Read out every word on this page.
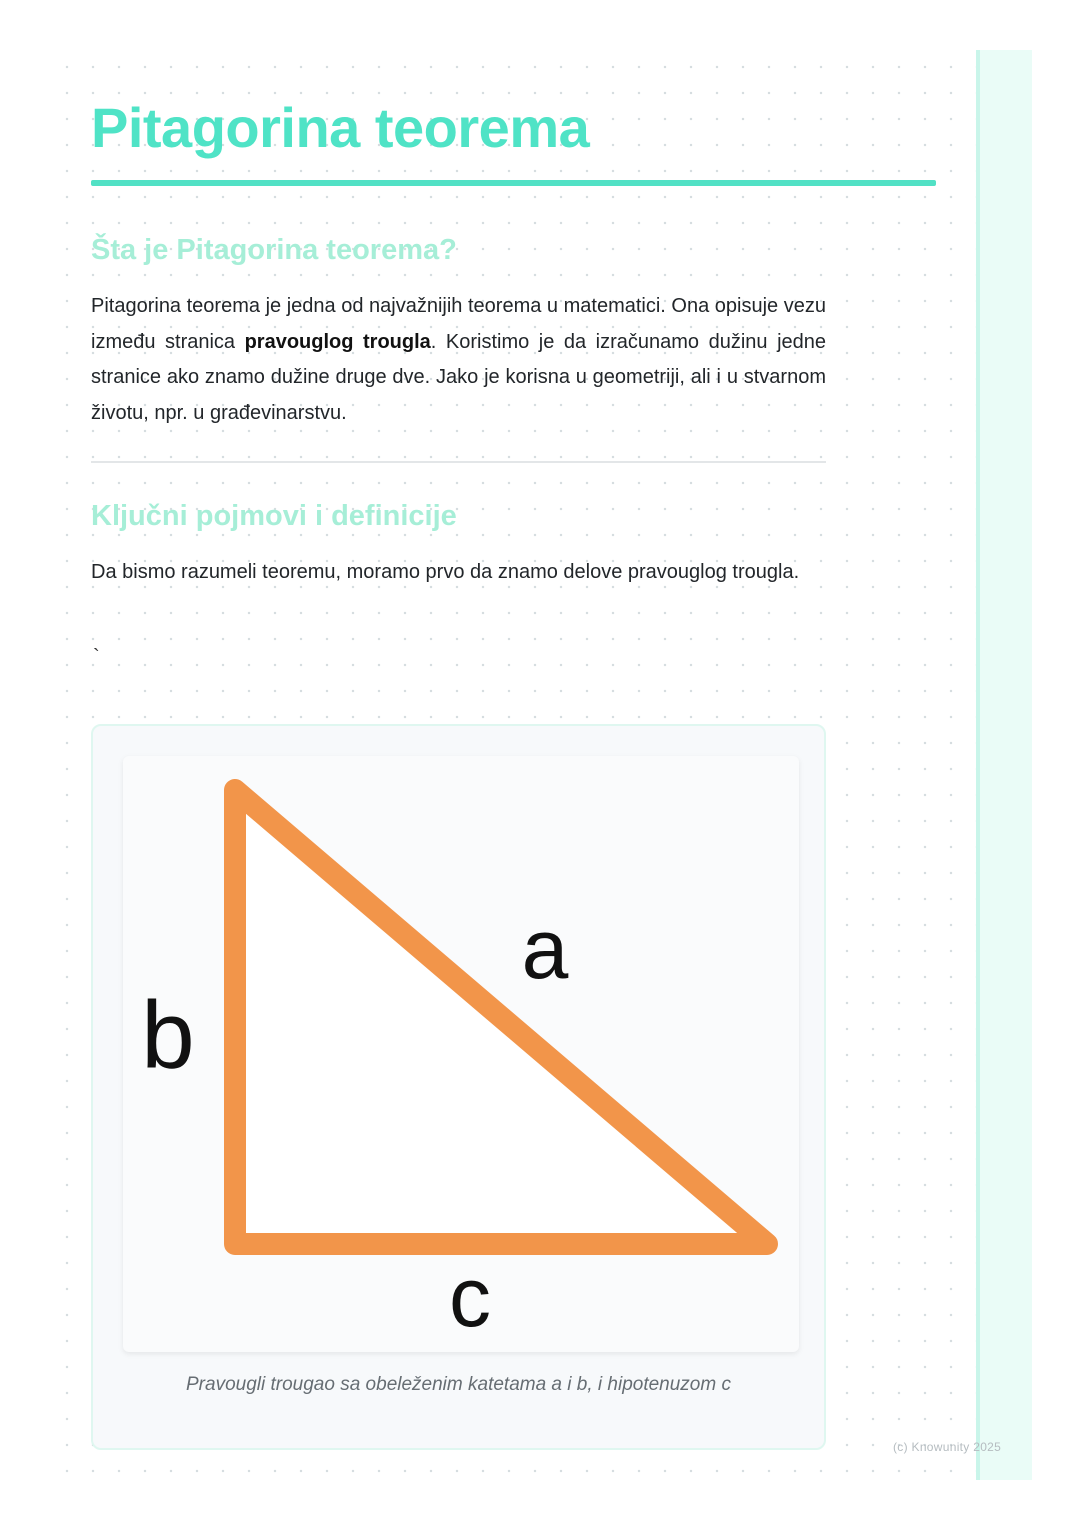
Pitagorina teorema
Šta je Pitagorina teorema?

Pitagorina teorema je jedna od najvažnijih teorema u matematici. Ona opisuje vezu između stranica pravouglog trougla. Koristimo je da izračunamo dužinu jedne stranice ako znamo dužine druge dve. Jako je korisna u geometriji, ali i u stvarnom životu, npr. u građevinarstvu.

Ključni pojmovi i definicije

Da bismo razumeli teoremu, moramo prvo da znamo delove pravouglog trougla.

`
a
b
c

Pravougli trougao sa obeleženim katetama a i b, i hipotenuzom c

(c) Knowunity 2025
